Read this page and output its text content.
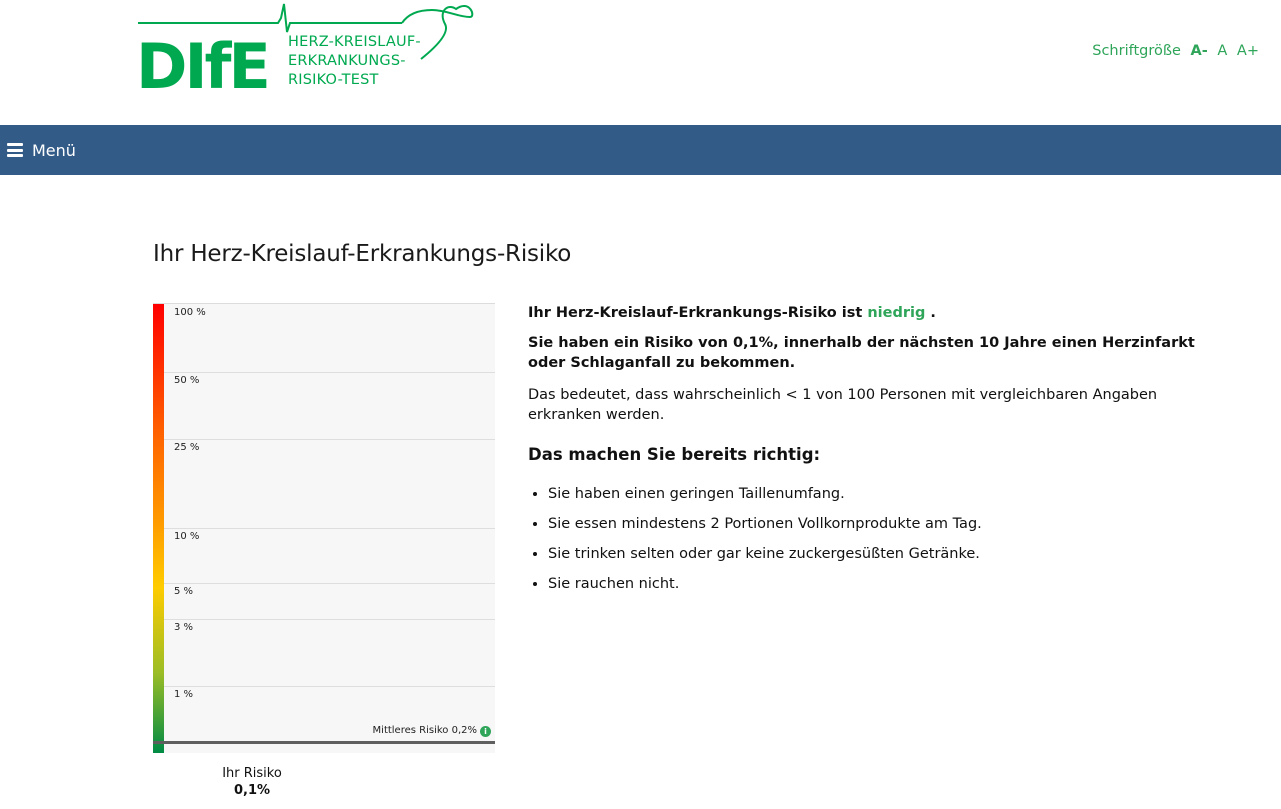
DIfE HERZ-KREISLAUF-
ERKRANKUNGS-
RISIKO-TEST
Schriftgröße A- A A+
Menü
Ihr Herz-Kreislauf-Erkrankungs-Risiko
Mittleres Risiko 0,2% i
100 %
50 %
25 %
10 %
5 %
3 %
1 %
Ihr Risiko
0,1%

Ihr Herz-Kreislauf-Erkrankungs-Risiko ist niedrig .

Sie haben ein Risiko von 0,1%, innerhalb der nächsten 10 Jahre einen Herzinfarkt oder Schlaganfall zu bekommen.

Das bedeutet, dass wahrscheinlich < 1 von 100 Personen mit vergleichbaren Angaben erkranken werden.

Das machen Sie bereits richtig:
• Sie haben einen geringen Taillenumfang.
• Sie essen mindestens 2 Portionen Vollkornprodukte am Tag.
• Sie trinken selten oder gar keine zuckergesüßten Getränke.
• Sie rauchen nicht.
